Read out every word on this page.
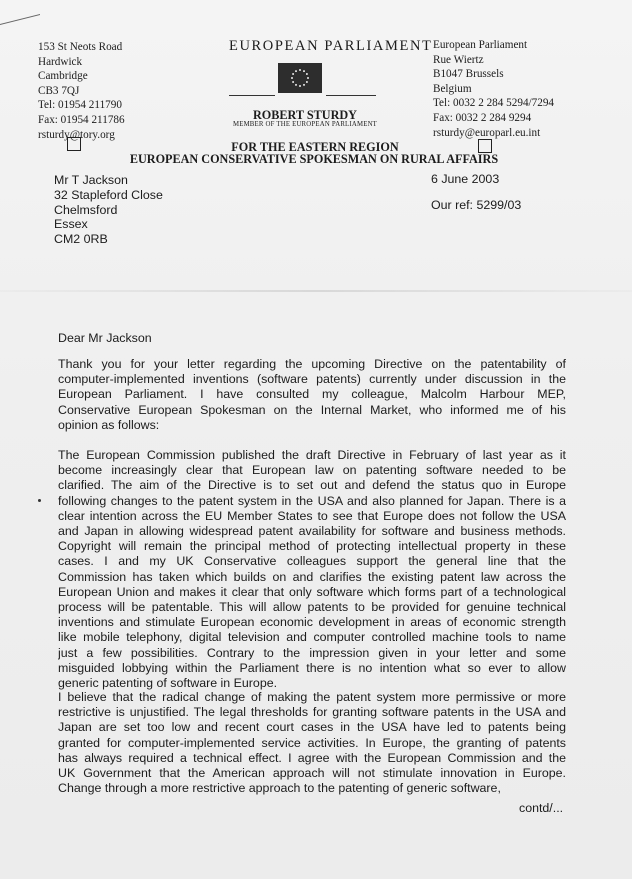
153 St Neots Road
Hardwick
Cambridge
CB3 7QJ
Tel: 01954 211790
Fax: 01954 211786
rsturdy@tory.org
EUROPEAN PARLIAMENT
ROBERT STURDY
MEMBER OF THE EUROPEAN PARLIAMENT
European Parliament
Rue Wiertz
B1047 Brussels
Belgium
Tel: 0032 2 284 5294/7294
Fax: 0032 2 284 9294
rsturdy@europarl.eu.int
FOR THE EASTERN REGION
EUROPEAN CONSERVATIVE SPOKESMAN ON RURAL AFFAIRS
Mr T Jackson
32 Stapleford Close
Chelmsford
Essex
CM2 0RB
6 June 2003
Our ref: 5299/03
Dear Mr Jackson
Thank you for your letter regarding the upcoming Directive on the patentability of
computer-implemented inventions (software patents) currently under discussion in the
European Parliament. I have consulted my colleague, Malcolm Harbour MEP,
Conservative European Spokesman on the Internal Market, who informed me of his
opinion as follows:
The European Commission published the draft Directive in February of last year as it
become increasingly clear that European law on patenting software needed to be
clarified. The aim of the Directive is to set out and defend the status quo in Europe
following changes to the patent system in the USA and also planned for Japan. There is a
clear intention across the EU Member States to see that Europe does not follow the USA
and Japan in allowing widespread patent availability for software and business methods.
Copyright will remain the principal method of protecting intellectual property in these
cases. I and my UK Conservative colleagues support the general line that the
Commission has taken which builds on and clarifies the existing patent law across the
European Union and makes it clear that only software which forms part of a technological
process will be patentable. This will allow patents to be provided for genuine technical
inventions and stimulate European economic development in areas of economic strength
like mobile telephony, digital television and computer controlled machine tools to name
just a few possibilities. Contrary to the impression given in your letter and some
misguided lobbying within the Parliament there is no intention what so ever to allow
generic patenting of software in Europe.
I believe that the radical change of making the patent system more permissive or more
restrictive is unjustified. The legal thresholds for granting software patents in the USA and
Japan are set too low and recent court cases in the USA have led to patents being
granted for computer-implemented service activities. In Europe, the granting of patents
has always required a technical effect. I agree with the European Commission and the
UK Government that the American approach will not stimulate innovation in Europe.
Change through a more restrictive approach to the patenting of generic software,
contd/...
